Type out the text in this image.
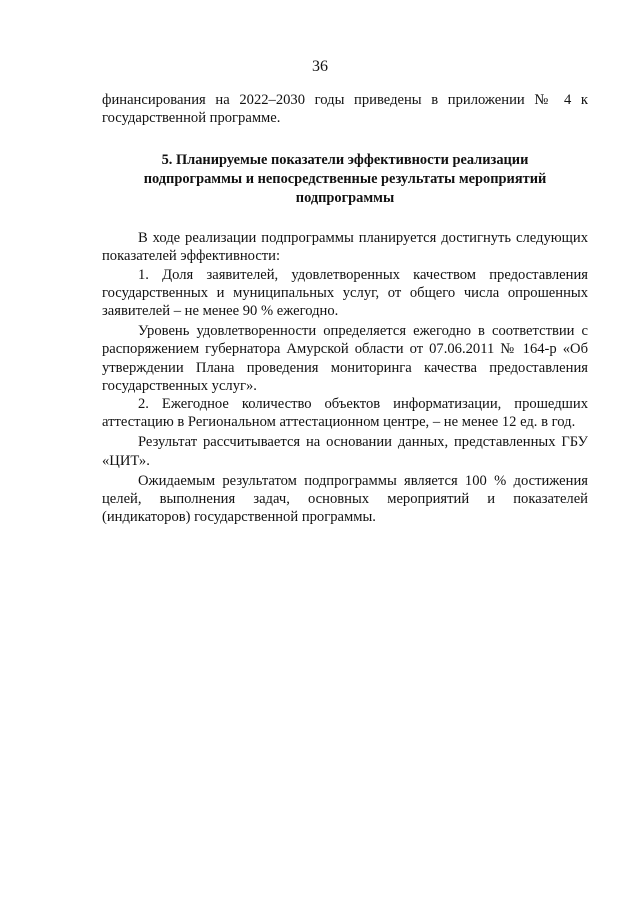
36

финансирования на 2022–2030 годы приведены в приложении № 4 к государственной программе.

5. Планируемые показатели эффективности реализации
подпрограммы и непосредственные результаты мероприятий
подпрограммы

В ходе реализации подпрограммы планируется достигнуть следующих показателей эффективности:

1. Доля заявителей, удовлетворенных качеством предоставления государственных и муниципальных услуг, от общего числа опрошенных заявителей – не менее 90 % ежегодно.

Уровень удовлетворенности определяется ежегодно в соответствии с распоряжением губернатора Амурской области от 07.06.2011 № 164-р «Об утверждении Плана проведения мониторинга качества предоставления государственных услуг».

2. Ежегодное количество объектов информатизации, прошедших аттестацию в Региональном аттестационном центре, – не менее 12 ед. в год.

Результат рассчитывается на основании данных, представленных ГБУ «ЦИТ».

Ожидаемым результатом подпрограммы является 100 % достижения целей, выполнения задач, основных мероприятий и показателей (индикаторов) государственной программы.
